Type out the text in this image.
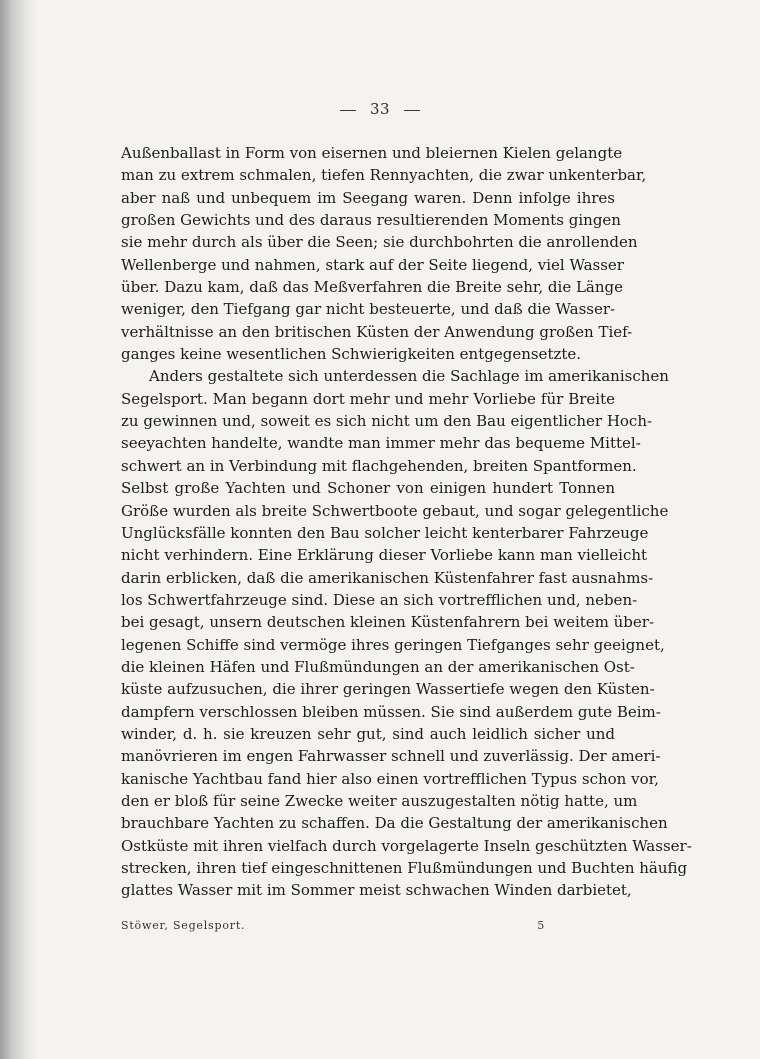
33
Außenballast in Form von eisernen und bleiernen Kielen gelangte
man zu extrem schmalen, tiefen Rennyachten, die zwar unkenterbar,
aber naß und unbequem im Seegang waren. Denn infolge ihres
großen Gewichts und des daraus resultierenden Moments gingen
sie mehr durch als über die Seen; sie durchbohrten die anrollenden
Wellenberge und nahmen, stark auf der Seite liegend, viel Wasser
über. Dazu kam, daß das Meßverfahren die Breite sehr, die Länge
weniger, den Tiefgang gar nicht besteuerte, und daß die Wasser-
verhältnisse an den britischen Küsten der Anwendung großen Tief-
ganges keine wesentlichen Schwierigkeiten entgegensetzte.
Anders gestaltete sich unterdessen die Sachlage im amerikanischen
Segelsport. Man begann dort mehr und mehr Vorliebe für Breite
zu gewinnen und, soweit es sich nicht um den Bau eigentlicher Hoch-
seeyachten handelte, wandte man immer mehr das bequeme Mittel-
schwert an in Verbindung mit flachgehenden, breiten Spantformen.
Selbst große Yachten und Schoner von einigen hundert Tonnen
Größe wurden als breite Schwertboote gebaut, und sogar gelegentliche
Unglücksfälle konnten den Bau solcher leicht kenterbarer Fahrzeuge
nicht verhindern. Eine Erklärung dieser Vorliebe kann man vielleicht
darin erblicken, daß die amerikanischen Küstenfahrer fast ausnahms-
los Schwertfahrzeuge sind. Diese an sich vortrefflichen und, neben-
bei gesagt, unsern deutschen kleinen Küstenfahrern bei weitem über-
legenen Schiffe sind vermöge ihres geringen Tiefganges sehr geeignet,
die kleinen Häfen und Flußmündungen an der amerikanischen Ost-
küste aufzusuchen, die ihrer geringen Wassertiefe wegen den Küsten-
dampfern verschlossen bleiben müssen. Sie sind außerdem gute Beim-
winder, d. h. sie kreuzen sehr gut, sind auch leidlich sicher und
manövrieren im engen Fahrwasser schnell und zuverlässig. Der ameri-
kanische Yachtbau fand hier also einen vortrefflichen Typus schon vor,
den er bloß für seine Zwecke weiter auszugestalten nötig hatte, um
brauchbare Yachten zu schaffen. Da die Gestaltung der amerikanischen
Ostküste mit ihren vielfach durch vorgelagerte Inseln geschützten Wasser-
strecken, ihren tief eingeschnittenen Flußmündungen und Buchten häufig
glattes Wasser mit im Sommer meist schwachen Winden darbietet,
Stöwer, Segelsport.	5
